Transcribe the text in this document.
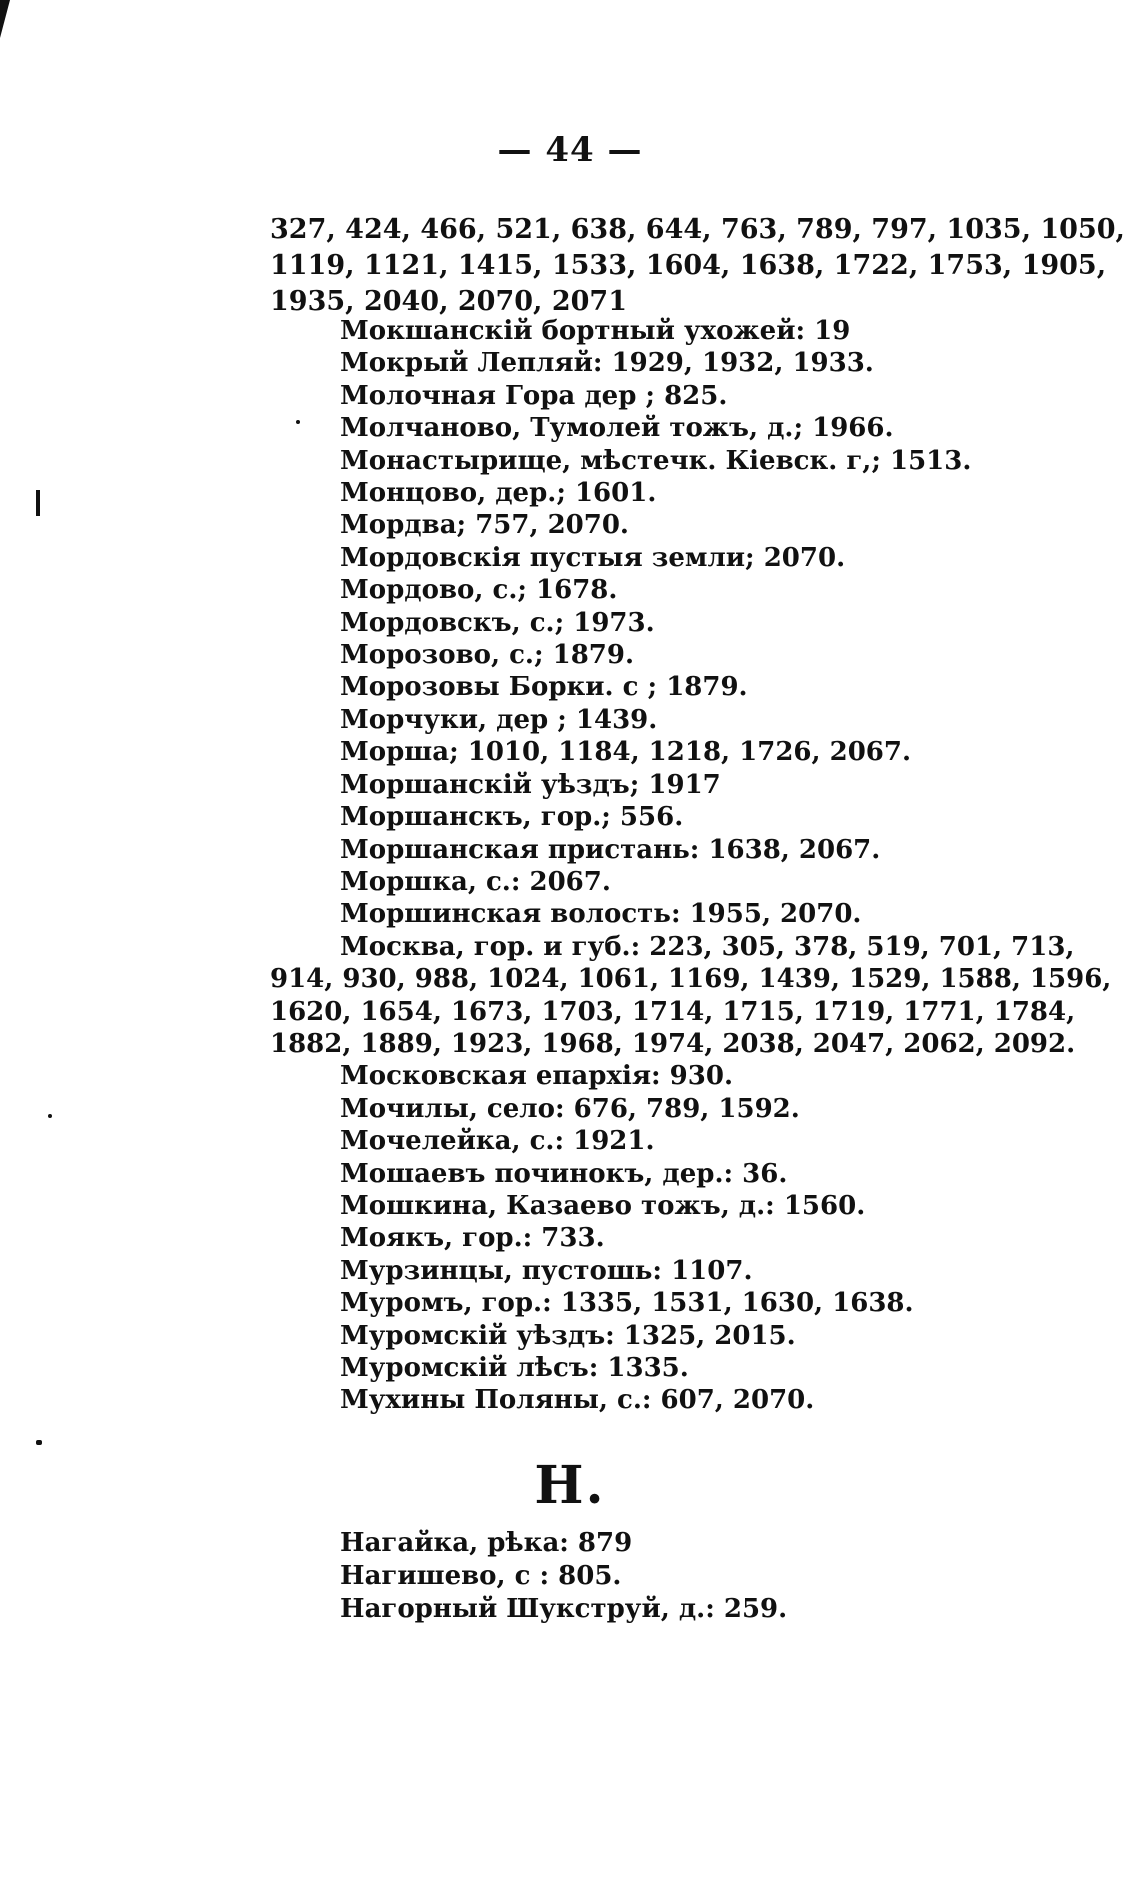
— 44 —
327, 424, 466, 521, 638, 644, 763, 789, 797, 1035, 1050,
1119, 1121, 1415, 1533, 1604, 1638, 1722, 1753, 1905,
1935, 2040, 2070, 2071
Мокшанскій бортный ухожей: 19
Мокрый Лепляй: 1929, 1932, 1933.
Молочная Гора дер ; 825.
Молчаново, Тумолей тожъ, д.; 1966.
Монастырище, мѣстечк. Кіевск. г,; 1513.
Монцово, дер.; 1601.
Мордва; 757, 2070.
Мордовскія пустыя земли; 2070.
Мордово, с.; 1678.
Мордовскъ, с.; 1973.
Морозово, с.; 1879.
Морозовы Борки. с ; 1879.
Морчуки, дер ; 1439.
Морша; 1010, 1184, 1218, 1726, 2067.
Моршанскій уѣздъ; 1917
Моршанскъ, гор.; 556.
Моршанская пристань: 1638, 2067.
Моршка, с.: 2067.
Моршинская волость: 1955, 2070.
Москва, гор. и губ.: 223, 305, 378, 519, 701, 713,
914, 930, 988, 1024, 1061, 1169, 1439, 1529, 1588, 1596,
1620, 1654, 1673, 1703, 1714, 1715, 1719, 1771, 1784,
1882, 1889, 1923, 1968, 1974, 2038, 2047, 2062, 2092.
Московская епархія: 930.
Мочилы, село: 676, 789, 1592.
Мочелейка, с.: 1921.
Мошаевъ починокъ, дер.: 36.
Мошкина, Казаево тожъ, д.: 1560.
Моякъ, гор.: 733.
Мурзинцы, пустошь: 1107.
Муромъ, гор.: 1335, 1531, 1630, 1638.
Муромскій уѣздъ: 1325, 2015.
Муромскій лѣсъ: 1335.
Мухины Поляны, с.: 607, 2070.
Н.
Нагайка, рѣка: 879
Нагишево, с : 805.
Нагорный Шукструй, д.: 259.
